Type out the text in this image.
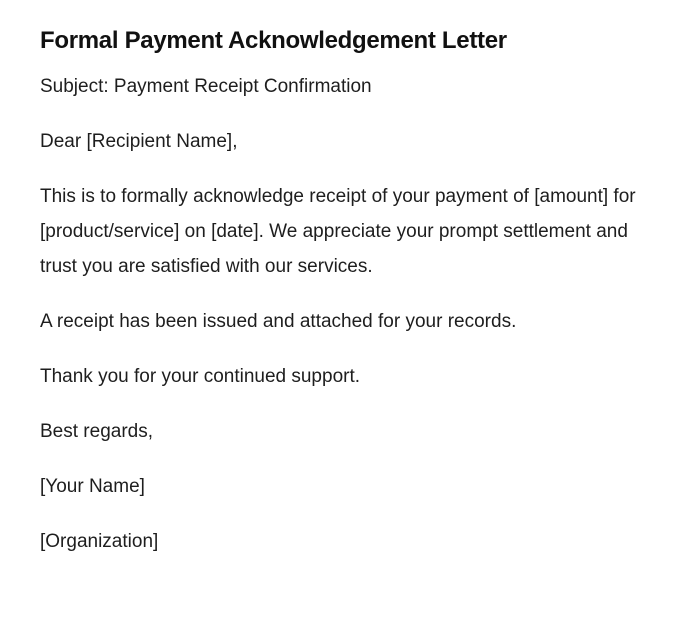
Formal Payment Acknowledgement Letter

Subject: Payment Receipt Confirmation

Dear [Recipient Name],

This is to formally acknowledge receipt of your payment of [amount] for [product/service] on [date]. We appreciate your prompt settlement and trust you are satisfied with our services.

A receipt has been issued and attached for your records.

Thank you for your continued support.

Best regards,

[Your Name]

[Organization]
